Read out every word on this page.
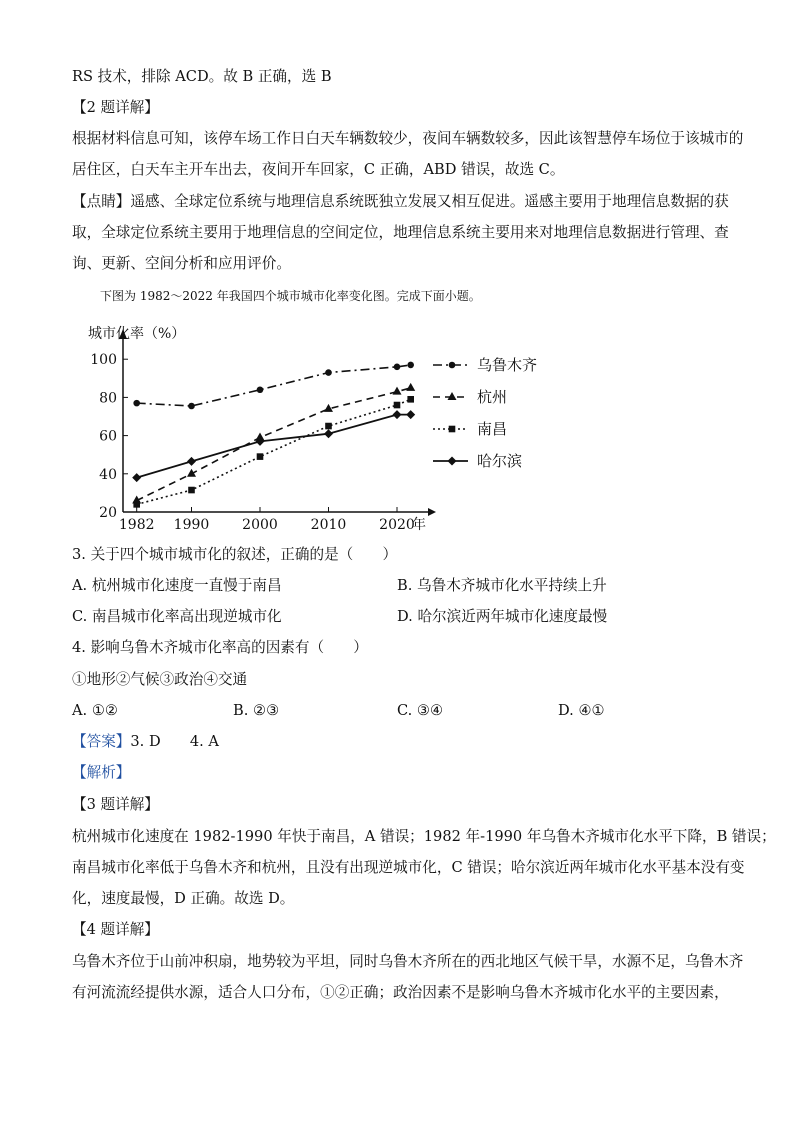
RS 技术，排除 ACD。故 B 正确，选 B
【2 题详解】
根据材料信息可知，该停车场工作日白天车辆数较少，夜间车辆数较多，因此该智慧停车场位于该城市的
居住区，白天车主开车出去，夜间开车回家，C 正确，ABD 错误，故选 C。
【点睛】遥感、全球定位系统与地理信息系统既独立发展又相互促进。遥感主要用于地理信息数据的获
取，全球定位系统主要用于地理信息的空间定位，地理信息系统主要用来对地理信息数据进行管理、查
询、更新、空间分析和应用评价。
下图为 1982～2022 年我国四个城市城市化率变化图。完成下面小题。
城市化率（%）
年
20
40
60
80
100
1982 1990 2000 2010 2020
乌鲁木齐
杭州
南昌
哈尔滨
3. 关于四个城市城市化的叙述，正确的是（　　）
A. 杭州城市化速度一直慢于南昌	B. 乌鲁木齐城市化水平持续上升
C. 南昌城市化率高出现逆城市化	D. 哈尔滨近两年城市化速度最慢
4. 影响乌鲁木齐城市化率高的因素有（　　）
①地形②气候③政治④交通
A. ①②	B. ②③	C. ③④	D. ④①
【答案】3. D　　4. A
【解析】
【3 题详解】
杭州城市化速度在 1982-1990 年快于南昌，A 错误；1982 年-1990 年乌鲁木齐城市化水平下降，B 错误；
南昌城市化率低于乌鲁木齐和杭州，且没有出现逆城市化，C 错误；哈尔滨近两年城市化水平基本没有变
化，速度最慢，D 正确。故选 D。
【4 题详解】
乌鲁木齐位于山前冲积扇，地势较为平坦，同时乌鲁木齐所在的西北地区气候干旱，水源不足，乌鲁木齐
有河流流经提供水源，适合人口分布，①②正确；政治因素不是影响乌鲁木齐城市化水平的主要因素，
